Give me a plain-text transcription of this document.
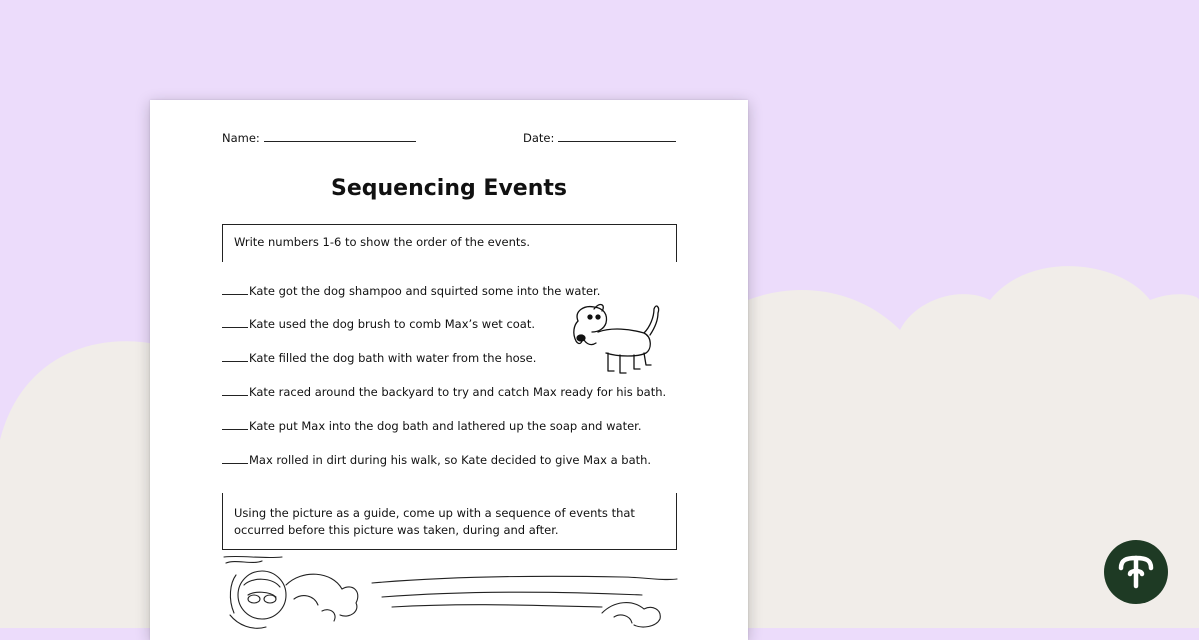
Name:	Date:
Sequencing Events
Write numbers 1-6 to show the order of the events.
Kate got the dog shampoo and squirted some into the water.
Kate used the dog brush to comb Max’s wet coat.
Kate filled the dog bath with water from the hose.
Kate raced around the backyard to try and catch Max ready for his bath.
Kate put Max into the dog bath and lathered up the soap and water.
Max rolled in dirt during his walk, so Kate decided to give Max a bath.
Using the picture as a guide, come up with a sequence of events that
occurred before this picture was taken, during and after.
